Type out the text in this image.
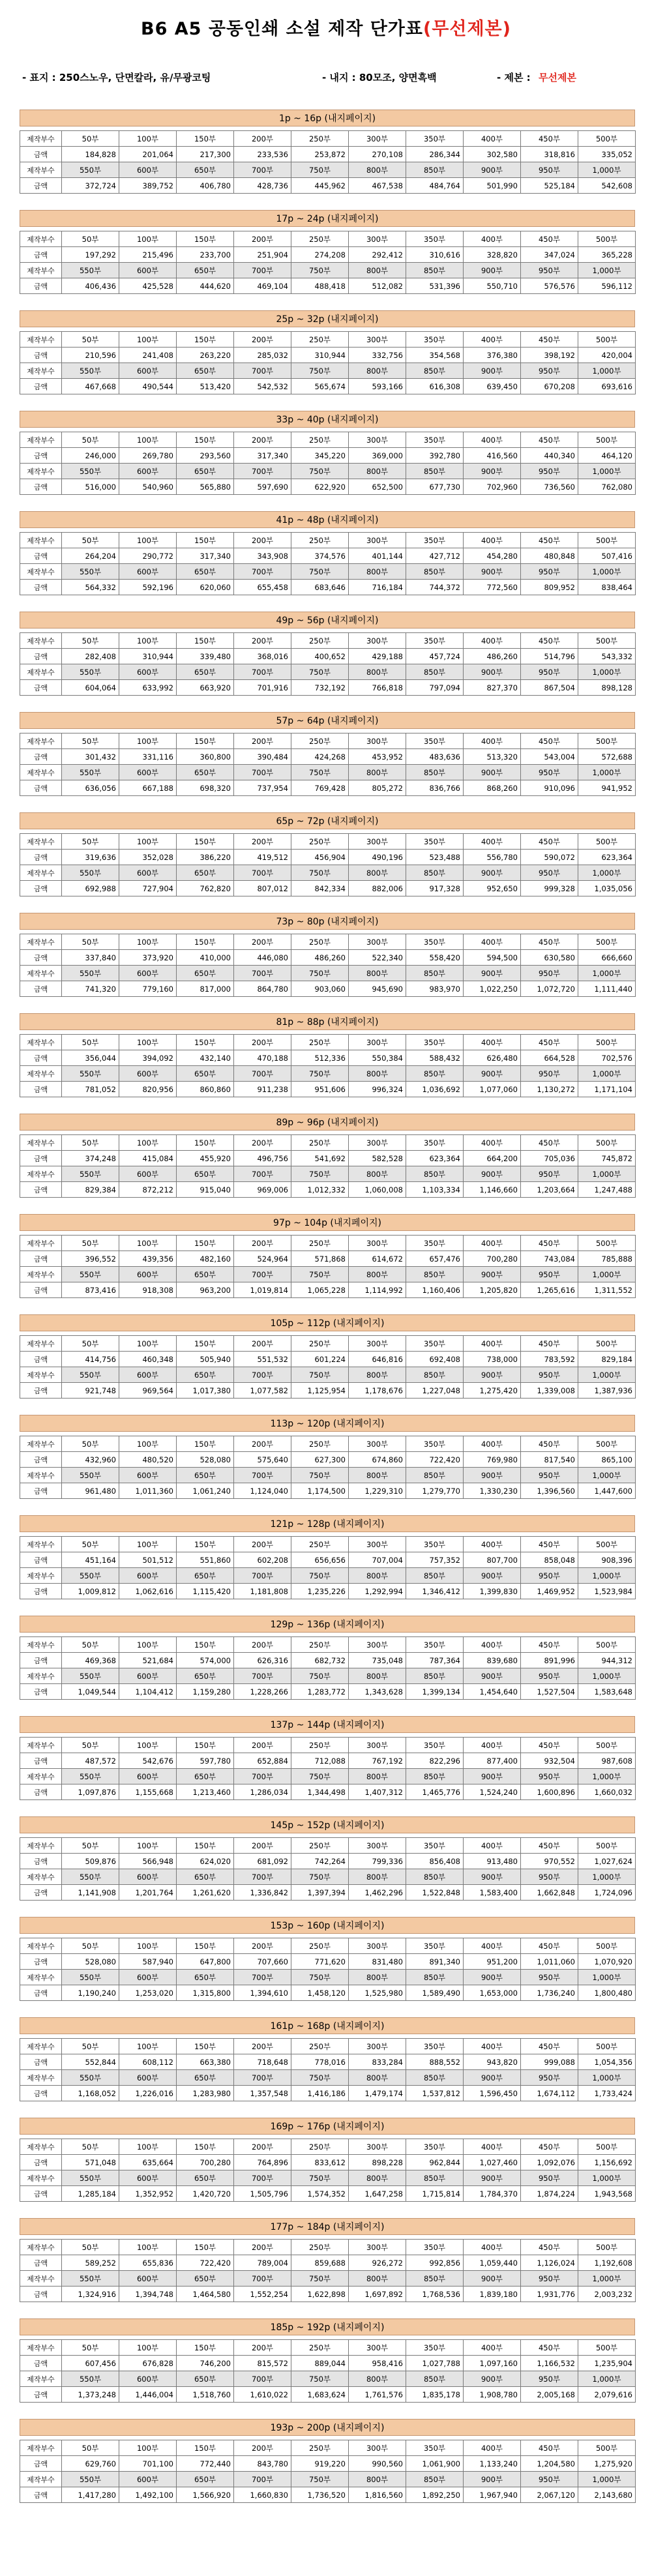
B6 A5 공동인쇄 소설 제작 단가표(무선제본)
- 표지 : 250스노우, 단면칼라, 유/무광코팅	- 내지 : 80모조, 양면흑백	- 제본 : 무선제본
1p ~ 16p (내지페이지)
제작부수	50부	100부	150부	200부	250부	300부	350부	400부	450부	500부
금액	184,828	201,064	217,300	233,536	253,872	270,108	286,344	302,580	318,816	335,052
제작부수	550부	600부	650부	700부	750부	800부	850부	900부	950부	1,000부
금액	372,724	389,752	406,780	428,736	445,962	467,538	484,764	501,990	525,184	542,608
17p ~ 24p (내지페이지)
제작부수	50부	100부	150부	200부	250부	300부	350부	400부	450부	500부
금액	197,292	215,496	233,700	251,904	274,208	292,412	310,616	328,820	347,024	365,228
제작부수	550부	600부	650부	700부	750부	800부	850부	900부	950부	1,000부
금액	406,436	425,528	444,620	469,104	488,418	512,082	531,396	550,710	576,576	596,112
25p ~ 32p (내지페이지)
제작부수	50부	100부	150부	200부	250부	300부	350부	400부	450부	500부
금액	210,596	241,408	263,220	285,032	310,944	332,756	354,568	376,380	398,192	420,004
제작부수	550부	600부	650부	700부	750부	800부	850부	900부	950부	1,000부
금액	467,668	490,544	513,420	542,532	565,674	593,166	616,308	639,450	670,208	693,616
33p ~ 40p (내지페이지)
제작부수	50부	100부	150부	200부	250부	300부	350부	400부	450부	500부
금액	246,000	269,780	293,560	317,340	345,220	369,000	392,780	416,560	440,340	464,120
제작부수	550부	600부	650부	700부	750부	800부	850부	900부	950부	1,000부
금액	516,000	540,960	565,880	597,690	622,920	652,500	677,730	702,960	736,560	762,080
41p ~ 48p (내지페이지)
제작부수	50부	100부	150부	200부	250부	300부	350부	400부	450부	500부
금액	264,204	290,772	317,340	343,908	374,576	401,144	427,712	454,280	480,848	507,416
제작부수	550부	600부	650부	700부	750부	800부	850부	900부	950부	1,000부
금액	564,332	592,196	620,060	655,458	683,646	716,184	744,372	772,560	809,952	838,464
49p ~ 56p (내지페이지)
제작부수	50부	100부	150부	200부	250부	300부	350부	400부	450부	500부
금액	282,408	310,944	339,480	368,016	400,652	429,188	457,724	486,260	514,796	543,332
제작부수	550부	600부	650부	700부	750부	800부	850부	900부	950부	1,000부
금액	604,064	633,992	663,920	701,916	732,192	766,818	797,094	827,370	867,504	898,128
57p ~ 64p (내지페이지)
제작부수	50부	100부	150부	200부	250부	300부	350부	400부	450부	500부
금액	301,432	331,116	360,800	390,484	424,268	453,952	483,636	513,320	543,004	572,688
제작부수	550부	600부	650부	700부	750부	800부	850부	900부	950부	1,000부
금액	636,056	667,188	698,320	737,954	769,428	805,272	836,766	868,260	910,096	941,952
65p ~ 72p (내지페이지)
제작부수	50부	100부	150부	200부	250부	300부	350부	400부	450부	500부
금액	319,636	352,028	386,220	419,512	456,904	490,196	523,488	556,780	590,072	623,364
제작부수	550부	600부	650부	700부	750부	800부	850부	900부	950부	1,000부
금액	692,988	727,904	762,820	807,012	842,334	882,006	917,328	952,650	999,328	1,035,056
73p ~ 80p (내지페이지)
제작부수	50부	100부	150부	200부	250부	300부	350부	400부	450부	500부
금액	337,840	373,920	410,000	446,080	486,260	522,340	558,420	594,500	630,580	666,660
제작부수	550부	600부	650부	700부	750부	800부	850부	900부	950부	1,000부
금액	741,320	779,160	817,000	864,780	903,060	945,690	983,970	1,022,250	1,072,720	1,111,440
81p ~ 88p (내지페이지)
제작부수	50부	100부	150부	200부	250부	300부	350부	400부	450부	500부
금액	356,044	394,092	432,140	470,188	512,336	550,384	588,432	626,480	664,528	702,576
제작부수	550부	600부	650부	700부	750부	800부	850부	900부	950부	1,000부
금액	781,052	820,956	860,860	911,238	951,606	996,324	1,036,692	1,077,060	1,130,272	1,171,104
89p ~ 96p (내지페이지)
제작부수	50부	100부	150부	200부	250부	300부	350부	400부	450부	500부
금액	374,248	415,084	455,920	496,756	541,692	582,528	623,364	664,200	705,036	745,872
제작부수	550부	600부	650부	700부	750부	800부	850부	900부	950부	1,000부
금액	829,384	872,212	915,040	969,006	1,012,332	1,060,008	1,103,334	1,146,660	1,203,664	1,247,488
97p ~ 104p (내지페이지)
제작부수	50부	100부	150부	200부	250부	300부	350부	400부	450부	500부
금액	396,552	439,356	482,160	524,964	571,868	614,672	657,476	700,280	743,084	785,888
제작부수	550부	600부	650부	700부	750부	800부	850부	900부	950부	1,000부
금액	873,416	918,308	963,200	1,019,814	1,065,228	1,114,992	1,160,406	1,205,820	1,265,616	1,311,552
105p ~ 112p (내지페이지)
제작부수	50부	100부	150부	200부	250부	300부	350부	400부	450부	500부
금액	414,756	460,348	505,940	551,532	601,224	646,816	692,408	738,000	783,592	829,184
제작부수	550부	600부	650부	700부	750부	800부	850부	900부	950부	1,000부
금액	921,748	969,564	1,017,380	1,077,582	1,125,954	1,178,676	1,227,048	1,275,420	1,339,008	1,387,936
113p ~ 120p (내지페이지)
제작부수	50부	100부	150부	200부	250부	300부	350부	400부	450부	500부
금액	432,960	480,520	528,080	575,640	627,300	674,860	722,420	769,980	817,540	865,100
제작부수	550부	600부	650부	700부	750부	800부	850부	900부	950부	1,000부
금액	961,480	1,011,360	1,061,240	1,124,040	1,174,500	1,229,310	1,279,770	1,330,230	1,396,560	1,447,600
121p ~ 128p (내지페이지)
제작부수	50부	100부	150부	200부	250부	300부	350부	400부	450부	500부
금액	451,164	501,512	551,860	602,208	656,656	707,004	757,352	807,700	858,048	908,396
제작부수	550부	600부	650부	700부	750부	800부	850부	900부	950부	1,000부
금액	1,009,812	1,062,616	1,115,420	1,181,808	1,235,226	1,292,994	1,346,412	1,399,830	1,469,952	1,523,984
129p ~ 136p (내지페이지)
제작부수	50부	100부	150부	200부	250부	300부	350부	400부	450부	500부
금액	469,368	521,684	574,000	626,316	682,732	735,048	787,364	839,680	891,996	944,312
제작부수	550부	600부	650부	700부	750부	800부	850부	900부	950부	1,000부
금액	1,049,544	1,104,412	1,159,280	1,228,266	1,283,772	1,343,628	1,399,134	1,454,640	1,527,504	1,583,648
137p ~ 144p (내지페이지)
제작부수	50부	100부	150부	200부	250부	300부	350부	400부	450부	500부
금액	487,572	542,676	597,780	652,884	712,088	767,192	822,296	877,400	932,504	987,608
제작부수	550부	600부	650부	700부	750부	800부	850부	900부	950부	1,000부
금액	1,097,876	1,155,668	1,213,460	1,286,034	1,344,498	1,407,312	1,465,776	1,524,240	1,600,896	1,660,032
145p ~ 152p (내지페이지)
제작부수	50부	100부	150부	200부	250부	300부	350부	400부	450부	500부
금액	509,876	566,948	624,020	681,092	742,264	799,336	856,408	913,480	970,552	1,027,624
제작부수	550부	600부	650부	700부	750부	800부	850부	900부	950부	1,000부
금액	1,141,908	1,201,764	1,261,620	1,336,842	1,397,394	1,462,296	1,522,848	1,583,400	1,662,848	1,724,096
153p ~ 160p (내지페이지)
제작부수	50부	100부	150부	200부	250부	300부	350부	400부	450부	500부
금액	528,080	587,940	647,800	707,660	771,620	831,480	891,340	951,200	1,011,060	1,070,920
제작부수	550부	600부	650부	700부	750부	800부	850부	900부	950부	1,000부
금액	1,190,240	1,253,020	1,315,800	1,394,610	1,458,120	1,525,980	1,589,490	1,653,000	1,736,240	1,800,480
161p ~ 168p (내지페이지)
제작부수	50부	100부	150부	200부	250부	300부	350부	400부	450부	500부
금액	552,844	608,112	663,380	718,648	778,016	833,284	888,552	943,820	999,088	1,054,356
제작부수	550부	600부	650부	700부	750부	800부	850부	900부	950부	1,000부
금액	1,168,052	1,226,016	1,283,980	1,357,548	1,416,186	1,479,174	1,537,812	1,596,450	1,674,112	1,733,424
169p ~ 176p (내지페이지)
제작부수	50부	100부	150부	200부	250부	300부	350부	400부	450부	500부
금액	571,048	635,664	700,280	764,896	833,612	898,228	962,844	1,027,460	1,092,076	1,156,692
제작부수	550부	600부	650부	700부	750부	800부	850부	900부	950부	1,000부
금액	1,285,184	1,352,952	1,420,720	1,505,796	1,574,352	1,647,258	1,715,814	1,784,370	1,874,224	1,943,568
177p ~ 184p (내지페이지)
제작부수	50부	100부	150부	200부	250부	300부	350부	400부	450부	500부
금액	589,252	655,836	722,420	789,004	859,688	926,272	992,856	1,059,440	1,126,024	1,192,608
제작부수	550부	600부	650부	700부	750부	800부	850부	900부	950부	1,000부
금액	1,324,916	1,394,748	1,464,580	1,552,254	1,622,898	1,697,892	1,768,536	1,839,180	1,931,776	2,003,232
185p ~ 192p (내지페이지)
제작부수	50부	100부	150부	200부	250부	300부	350부	400부	450부	500부
금액	607,456	676,828	746,200	815,572	889,044	958,416	1,027,788	1,097,160	1,166,532	1,235,904
제작부수	550부	600부	650부	700부	750부	800부	850부	900부	950부	1,000부
금액	1,373,248	1,446,004	1,518,760	1,610,022	1,683,624	1,761,576	1,835,178	1,908,780	2,005,168	2,079,616
193p ~ 200p (내지페이지)
제작부수	50부	100부	150부	200부	250부	300부	350부	400부	450부	500부
금액	629,760	701,100	772,440	843,780	919,220	990,560	1,061,900	1,133,240	1,204,580	1,275,920
제작부수	550부	600부	650부	700부	750부	800부	850부	900부	950부	1,000부
금액	1,417,280	1,492,100	1,566,920	1,660,830	1,736,520	1,816,560	1,892,250	1,967,940	2,067,120	2,143,680
